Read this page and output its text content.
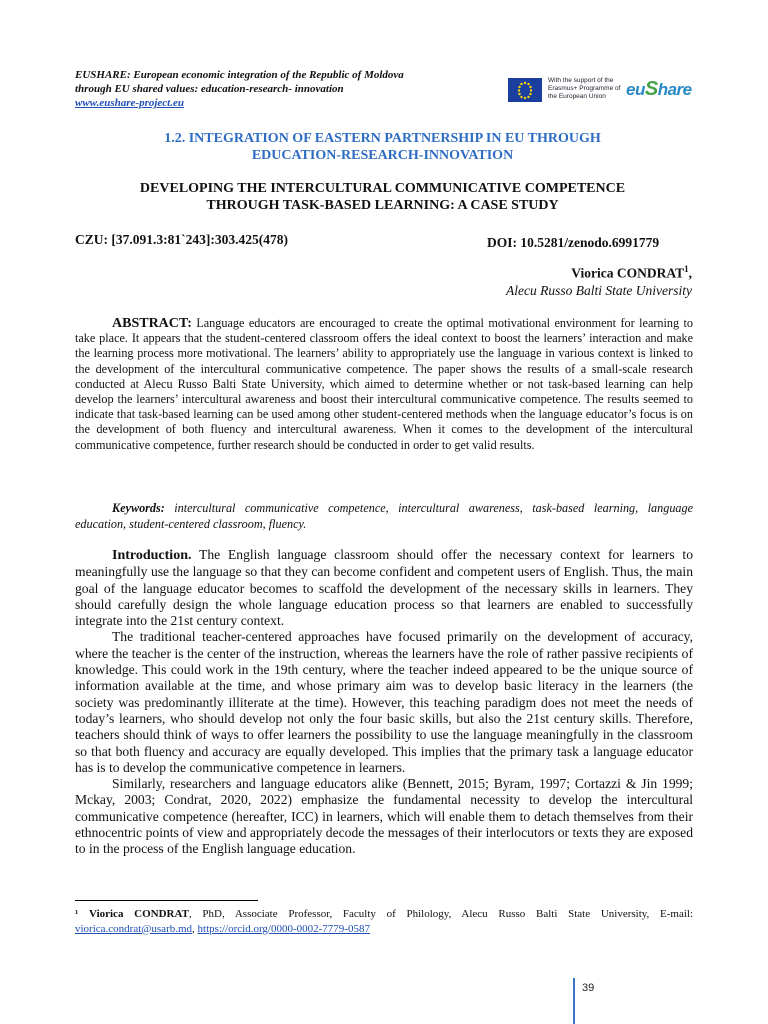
EUSHARE: European economic integration of the Republic of Moldova
through EU shared values: education-research- innovation
www.eushare-project.eu
With the support of the Erasmus+ Programme of the European Union	euShare
1.2. INTEGRATION OF EASTERN PARTNERSHIP IN EU THROUGH
EDUCATION-RESEARCH-INNOVATION
DEVELOPING THE INTERCULTURAL COMMUNICATIVE COMPETENCE
THROUGH TASK-BASED LEARNING: A CASE STUDY
CZU: [37.091.3:81`243]:303.425(478)	DOI: 10.5281/zenodo.6991779
Viorica CONDRAT$^1$,
Alecu Russo Balti State University
ABSTRACT: Language educators are encouraged to create the optimal motivational environment for learning to take place. It appears that the student-centered classroom offers the ideal context to boost the learners’ interaction and make the learning process more motivational. The learners’ ability to appropriately use the language in various context is linked to the development of the intercultural communicative competence. The paper shows the results of a small-scale research conducted at Alecu Russo Balti State University, which aimed to determine whether or not task-based learning can help develop the learners’ intercultural awareness and boost their intercultural communicative competence. The results seemed to indicate that task-based learning can be used among other student-centered methods when the language educator’s focus is on the development of both fluency and intercultural awareness. When it comes to the development of the intercultural communicative competence, further research should be conducted in order to get valid results.
Keywords: intercultural communicative competence, intercultural awareness, task-based learning, language education, student-centered classroom, fluency.

Introduction. The English language classroom should offer the necessary context for learners to meaningfully use the language so that they can become confident and competent users of English. Thus, the main goal of the language educator becomes to scaffold the development of the necessary skills in learners. They should carefully design the whole language education process so that learners are enabled to successfully integrate into the 21st century context.

The traditional teacher-centered approaches have focused primarily on the development of accuracy, where the teacher is the center of the instruction, whereas the learners have the role of rather passive recipients of knowledge. This could work in the 19th century, where the teacher indeed appeared to be the unique source of information available at the time, and whose primary aim was to develop basic literacy in the learners (the society was predominantly illiterate at the time). However, this teaching paradigm does not meet the needs of today’s learners, who should develop not only the four basic skills, but also the 21st century skills. Therefore, teachers should think of ways to offer learners the possibility to use the language meaningfully in the classroom so that both fluency and accuracy are equally developed. This implies that the primary task a language educator has is to develop the communicative competence in learners.

Similarly, researchers and language educators alike (Bennett, 2015; Byram, 1997; Cortazzi & Jin 1999; Mckay, 2003; Condrat, 2020, 2022) emphasize the fundamental necessity to develop the intercultural communicative competence (hereafter, ICC) in learners, which will enable them to detach themselves from their ethnocentric points of view and appropriately decode the messages of their interlocutors or texts they are exposed to in the process of the English language education.

¹ Viorica CONDRAT, PhD, Associate Professor, Faculty of Philology, Alecu Russo Balti State University, E-mail: viorica.condrat@usarb.md, https://orcid.org/0000-0002-7779-0587
39
